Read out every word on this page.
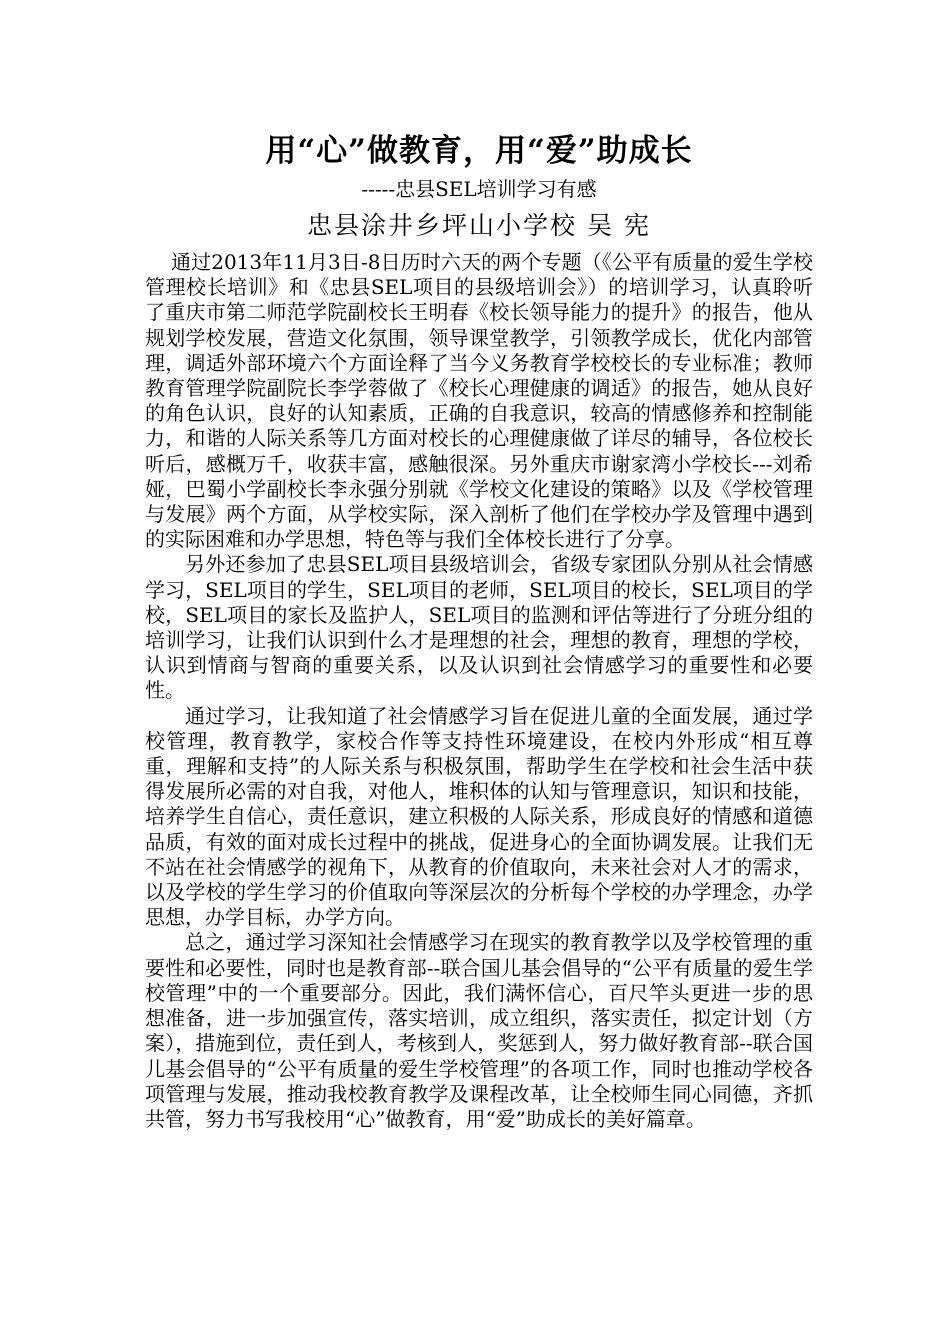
用“心”做教育，用“爱”助成长

-----忠县SEL培训学习有感

忠县涂井乡坪山小学校 吴 宪

通过2013年11月3日-8日历时六天的两个专题（《公平有质量的爱生学校管理校长培训》和《忠县SEL项目的县级培训会》）的培训学习，认真聆听了重庆市第二师范学院副校长王明春《校长领导能力的提升》的报告，他从规划学校发展，营造文化氛围，领导课堂教学，引领教学成长，优化内部管理，调适外部环境六个方面诠释了当今义务教育学校校长的专业标准；教师教育管理学院副院长李学蓉做了《校长心理健康的调适》的报告，她从良好的角色认识，良好的认知素质，正确的自我意识，较高的情感修养和控制能力，和谐的人际关系等几方面对校长的心理健康做了详尽的辅导，各位校长听后，感概万千，收获丰富，感触很深。另外重庆市谢家湾小学校长---刘希娅，巴蜀小学副校长李永强分别就《学校文化建设的策略》以及《学校管理与发展》两个方面，从学校实际，深入剖析了他们在学校办学及管理中遇到的实际困难和办学思想，特色等与我们全体校长进行了分享。

另外还参加了忠县SEL项目县级培训会，省级专家团队分别从社会情感学习，SEL项目的学生，SEL项目的老师，SEL项目的校长，SEL项目的学校，SEL项目的家长及监护人，SEL项目的监测和评估等进行了分班分组的培训学习，让我们认识到什么才是理想的社会，理想的教育，理想的学校，认识到情商与智商的重要关系，以及认识到社会情感学习的重要性和必要性。

通过学习，让我知道了社会情感学习旨在促进儿童的全面发展，通过学校管理，教育教学，家校合作等支持性环境建设，在校内外形成“相互尊重，理解和支持”的人际关系与积极氛围，帮助学生在学校和社会生活中获得发展所必需的对自我，对他人，堆积体的认知与管理意识，知识和技能，培养学生自信心，责任意识，建立积极的人际关系，形成良好的情感和道德品质，有效的面对成长过程中的挑战，促进身心的全面协调发展。让我们无不站在社会情感学的视角下，从教育的价值取向，未来社会对人才的需求，以及学校的学生学习的价值取向等深层次的分析每个学校的办学理念，办学思想，办学目标，办学方向。

总之，通过学习深知社会情感学习在现实的教育教学以及学校管理的重要性和必要性，同时也是教育部--联合国儿基会倡导的“公平有质量的爱生学校管理”中的一个重要部分。因此，我们满怀信心，百尺竿头更进一步的思想准备，进一步加强宣传，落实培训，成立组织，落实责任，拟定计划（方案），措施到位，责任到人，考核到人，奖惩到人，努力做好教育部--联合国儿基会倡导的“公平有质量的爱生学校管理”的各项工作，同时也推动学校各项管理与发展，推动我校教育教学及课程改革，让全校师生同心同德，齐抓共管，努力书写我校用“心”做教育，用“爱”助成长的美好篇章。
